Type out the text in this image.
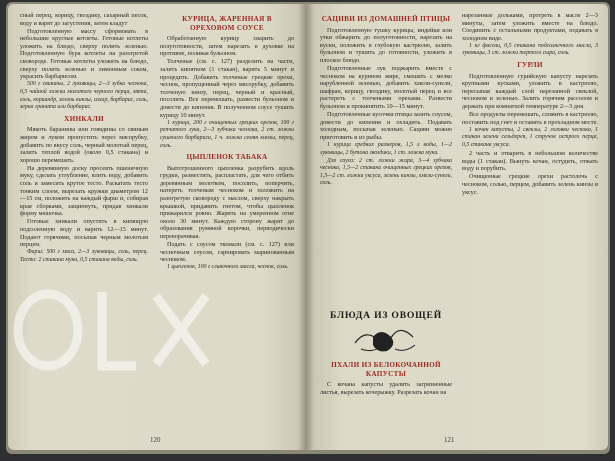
сный перец, корицу, гвоздику, сахарный песок, воду и варят до загустения, затем кладут

Подготовленную массу сформовать в небольшие круглые котлеты. Готовые котлеты уложить на блюдо, сверху полить зеленью. Подготовленную бура котлеты на разогретой сковороде. Готовые котлеты уложить на блюдо, сверху полить зеленью и лимонным соком, украсить барбарисом.

500 г свинины, 2 луковицы, 2—3 зубка чеснока, 0,5 чайной ложки молотого черного перца, мята, соль, кориандр, зелень кинзы, сахар, барбарис, соль, зерна граната или барбарис.

ХИНКАЛИ

Мякоть баранины или говядины со свиным жиром и луком пропустить через мясорубку, добавить по вкусу соль, черный молотый перец, залить теплой водой (около 0,5 стакана) и хорошо перемешать.

На деревянную доску просеять пшеничную муку, сделать углубление, влить воду, добавить соль и замесить крутое тесто. Раскатать тесто тонким слоем, вырезать кружки диаметром 12—15 см, положить на каждый фарш и, собирая края сборками, защипнуть, придав хинкали форму мешочка.

Готовые хинкали опустить в кипящую подсоленную воду и варить 12—15 минут. Подают горячими, посыпав черным молотым перцем.

Фарш: 500 г мяса, 2—3 луковицы, соль, перец. Тесто: 2 стакана муки, 0,5 стакана воды, соль.

КУРИЦА, ЖАРЕННАЯ В ОРЕХОВОМ СОУСЕ

Обработанную курицу сварить до полуготовности, затем нарезать в духовке на противне, поливая бульоном.

Толченые (см. с. 127) разделить на части, залить кипятком (1 стакан), варить 5 минут и процедить. Добавить толченые грецкие орехи, чеснок, пропущенный через мясорубку, добавить толченую кинзу, перец, черный и красный, посолить. Все перемешать, развести бульоном и довести до кипения. В полученном соусе тушить курицу 10 минут.

1 курица, 200 г очищенных грецких орехов, 100 г репчатого лука, 2—3 зубчика чеснока, 2 ст. ложки сушеного барбариса, 1 ч. ложка семян кинзы, перец, соль.

ЦЫПЛЕНОК ТАБАКА

Выпотрошенного цыпленка разрубить вдоль грудки, разместить, распластать, для чего отбить деревянным молотком, посолить, поперчить, натереть толченым чесноком и положить на разогретую сковороду с маслом, сверху накрыть крышкой, придавить гнетом, чтобы цыпленок прижарился ровно. Жарить на умеренном огне около 30 минут. Каждую сторону жарят до образования румяной корочки, периодически переворачивая.

Подать с соусом ткемали (см. с. 127) или чесночным соусом, гарнировать маринованным чесноком.

1 цыпленок, 100 г сливочного масла, чеснок, соль.

120

САЦИВИ ИЗ ДОМАШНЕЙ ПТИЦЫ

Подготовленную тушку курицы, индейки или утки обжарить до полуготовности, нарезать на куски, положить в глубокую кастрюлю, залить бульоном и тушить до готовности, уложить в плоское блюдо.

Подготовленные лук поджарить вместе с чесноком на курином жире, смешать с мелко нарубленной зеленью, добавить хмели-сунели, шафран, корицу, гвоздику, молотый перец и все растереть с толчеными орехами. Развести бульоном и прокипятить 10—15 минут.

Подготовленные кусочки птицы залить соусом, довести до кипения и охладить. Подавать холодным, посыпав зеленью. Сациви можно приготовить и из рыбы.

1 курица средних размеров, 1,5 л воды, 1—2 луковицы, 2 бутона гвоздики, 1 ст. ложка муки.

Для соуса: 2 ст. ложки жира, 3—4 зубчика чеснока, 1,5—2 стакана очищенных грецких орехов, 1,5—2 ст. ложки уксуса, зелень кинзы, хмели-сунели, соль.

нарезанные дольками, прогреть в масле 2—3 минуты, затем уложить вместе на блюдо. Соединить с остальными продуктами, подавать в холодном виде.

1 кг фасоли, 0,5 стакана подсолнечного масла, 3 луковицы, 3 ст. ложки тертого сыра, соль.

ГУРЛИ

Подготовленную гурийскую капусту нарезать крупными кусками, уложить в кастрюлю, пересыпая каждый слой нарезанной свеклой, чесноком и зеленью. Залить горячим рассолом и держать при комнатной температуре 2—3 дня.

Все продукты перемешать, сложить в кастрюлю, поставить под гнет и оставить в прохладном месте.

1 кочан капусты, 2 свеклы, 2 головки чеснока, 1 стакан зелени сельдерея, 1 стручок острого перца, 0,5 стакана уксуса.

2 часть и отварить в небольшом количестве воды (1 стакан). Вынуть кочан, остудить, отжать воду и порубить.

Очищенные грецкие орехи растолочь с чесноком, солью, перцем, добавить зелень кинзы и уксус.

БЛЮДА ИЗ ОВОЩЕЙ

ПХАЛИ ИЗ БЕЛОКОЧАННОЙ КАПУСТЫ

С кочана капусты удалить загрязненные листья, вырезать кочерыжку. Разрезать кочан на

121
